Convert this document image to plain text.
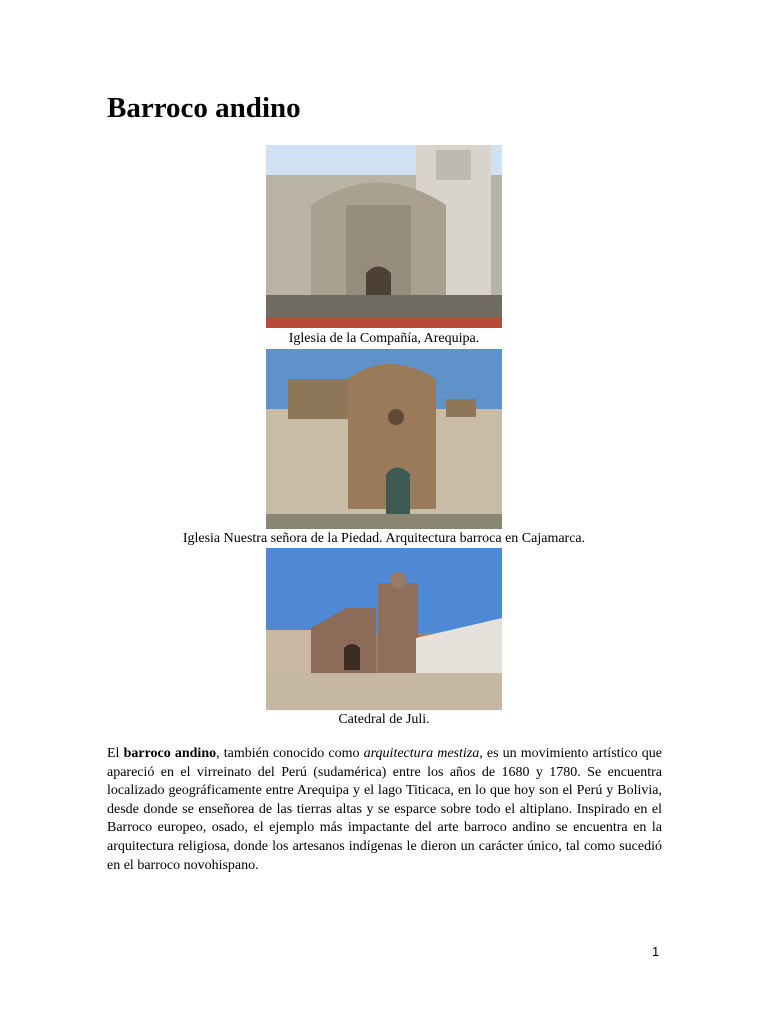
Barroco andino
Iglesia de la Compañía, Arequipa.
Iglesia Nuestra señora de la Piedad. Arquitectura barroca en Cajamarca.
Catedral de Juli.

El barroco andino, también conocido como arquitectura mestiza, es un movimiento artístico que apareció en el virreinato del Perú (sudamérica) entre los años de 1680 y 1780. Se encuentra localizado geográficamente entre Arequipa y el lago Titicaca, en lo que hoy son el Perú y Bolivia, desde donde se enseñorea de las tierras altas y se esparce sobre todo el altiplano. Inspirado en el Barroco europeo, osado, el ejemplo más impactante del arte barroco andino se encuentra en la arquitectura religiosa, donde los artesanos indígenas le dieron un carácter único, tal como sucedió en el barroco novohispano.

1
